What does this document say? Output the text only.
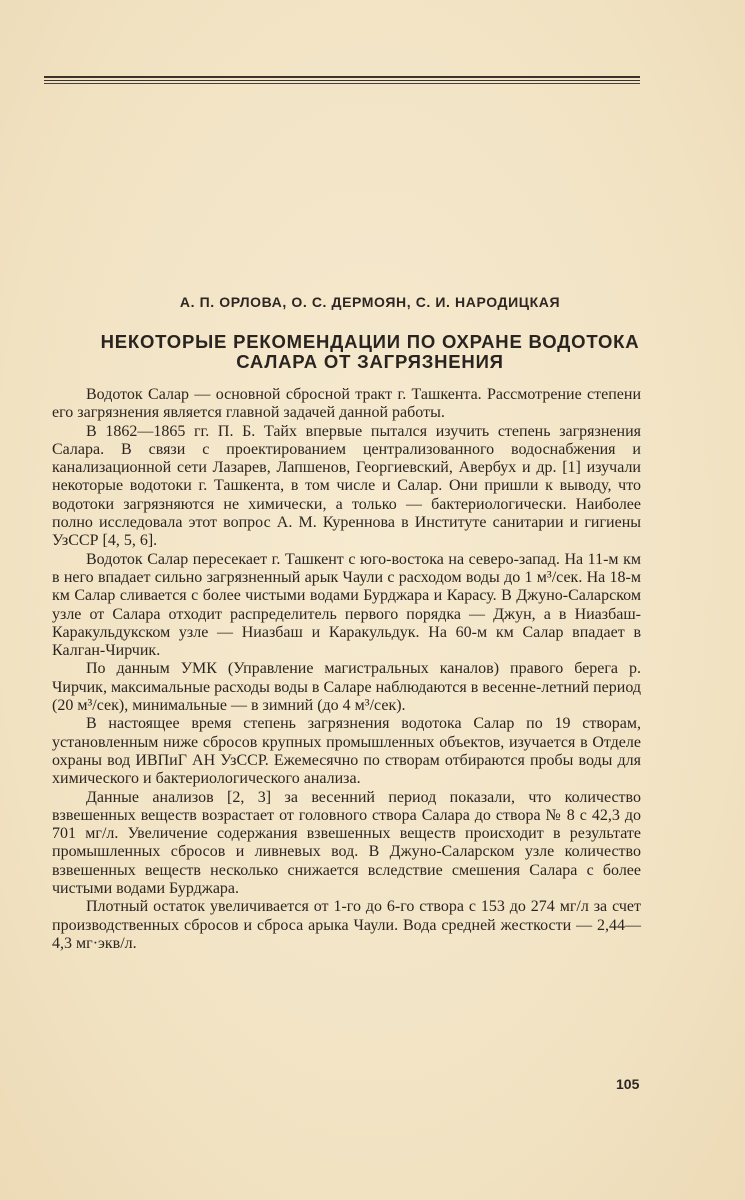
А. П. ОРЛОВА, О. С. ДЕРМОЯН, С. И. НАРОДИЦКАЯ
НЕКОТОРЫЕ РЕКОМЕНДАЦИИ ПО ОХРАНЕ ВОДОТОКА
САЛАРА ОТ ЗАГРЯЗНЕНИЯ

Водоток Салар — основной сбросной тракт г. Ташкента. Рассмотрение степени его загрязнения является главной задачей данной работы.

В 1862—1865 гг. П. Б. Тайх впервые пытался изучить степень загрязнения Салара. В связи с проектированием централизованного водоснабжения и канализационной сети Лазарев, Лапшенов, Георгиевский, Авербух и др. [1] изучали некоторые водотоки г. Ташкента, в том числе и Салар. Они пришли к выводу, что водотоки загрязняются не химически, а только — бактериологически. Наиболее полно исследовала этот вопрос А. М. Куреннова в Институте санитарии и гигиены УзССР [4, 5, 6].

Водоток Салар пересекает г. Ташкент с юго-востока на северо-запад. На 11-м км в него впадает сильно загрязненный арык Чаули с расходом воды до 1 м³/сек. На 18-м км Салар сливается с более чистыми водами Бурджара и Карасу. В Джуно-Саларском узле от Салара отходит распределитель первого порядка — Джун, а в Ниазбаш-Каракульдукском узле — Ниазбаш и Каракульдук. На 60-м км Салар впадает в Калган-Чирчик.

По данным УМК (Управление магистральных каналов) правого берега р. Чирчик, максимальные расходы воды в Саларе наблюдаются в весенне-летний период (20 м³/сек), минимальные — в зимний (до 4 м³/сек).

В настоящее время степень загрязнения водотока Салар по 19 створам, установленным ниже сбросов крупных промышленных объектов, изучается в Отделе охраны вод ИВПиГ АН УзССР. Ежемесячно по створам отбираются пробы воды для химического и бактериологического анализа.

Данные анализов [2, 3] за весенний период показали, что количество взвешенных веществ возрастает от головного створа Салара до створа № 8 с 42,3 до 701 мг/л. Увеличение содержания взвешенных веществ происходит в результате промышленных сбросов и ливневых вод. В Джуно-Саларском узле количество взвешенных веществ несколько снижается вследствие смешения Салара с более чистыми водами Бурджара.

Плотный остаток увеличивается от 1-го до 6-го створа с 153 до 274 мг/л за счет производственных сбросов и сброса арыка Чаули. Вода средней жесткости — 2,44—4,3 мг·экв/л.

105
